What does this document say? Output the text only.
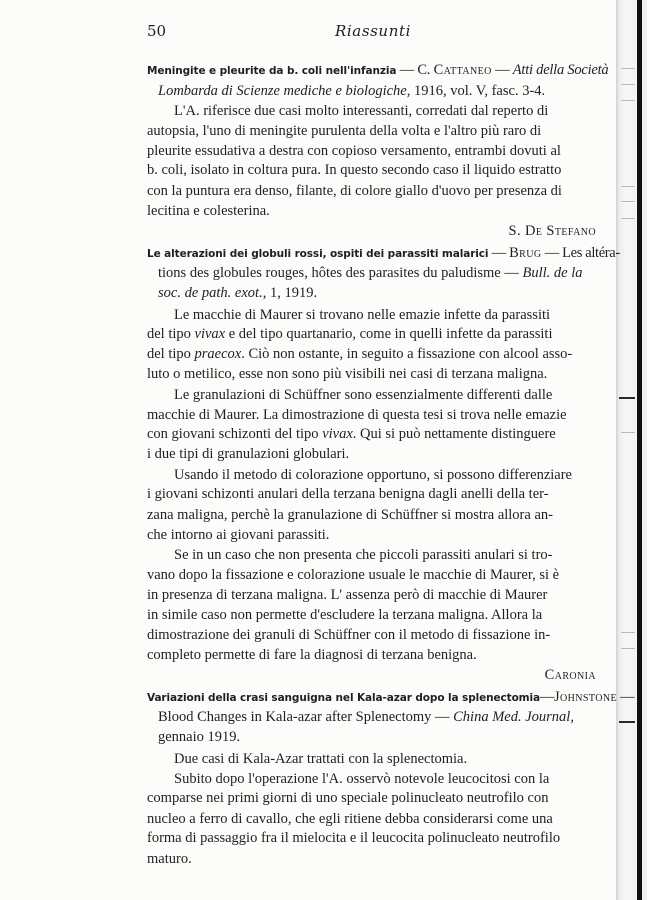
50	Riassunti
Meningite e pleurite da b. coli nell'infanzia — C. Cattaneo — Atti della Società
Lombarda di Scienze mediche e biologiche, 1916, vol. V, fasc. 3-4.
L'A. riferisce due casi molto interessanti, corredati dal reperto di
autopsia, l'uno di meningite purulenta della volta e l'altro più raro di
pleurite essudativa a destra con copioso versamento, entrambi dovuti al
b. coli, isolato in coltura pura. In questo secondo caso il liquido estratto
con la puntura era denso, filante, di colore giallo d'uovo per presenza di
lecitina e colesterina.
S. De Stefano
Le alterazioni dei globuli rossi, ospiti dei parassiti malarici — Brug — Les altéra-
tions des globules rouges, hôtes des parasites du paludisme — Bull. de la
soc. de path. exot., 1, 1919.
Le macchie di Maurer si trovano nelle emazie infette da parassiti
del tipo vivax e del tipo quartanario, come in quelli infette da parassiti
del tipo praecox. Ciò non ostante, in seguito a fissazione con alcool asso-
luto o metilico, esse non sono più visibili nei casi di terzana maligna.
Le granulazioni di Schüffner sono essenzialmente differenti dalle
macchie di Maurer. La dimostrazione di questa tesi si trova nelle emazie
con giovani schizonti del tipo vivax. Qui si può nettamente distinguere
i due tipi di granulazioni globulari.
Usando il metodo di colorazione opportuno, si possono differenziare
i giovani schizonti anulari della terzana benigna dagli anelli della ter-
zana maligna, perchè la granulazione di Schüffner si mostra allora an-
che intorno ai giovani parassiti.
Se in un caso che non presenta che piccoli parassiti anulari si tro-
vano dopo la fissazione e colorazione usuale le macchie di Maurer, si è
in presenza di terzana maligna. L' assenza però di macchie di Maurer
in simile caso non permette d'escludere la terzana maligna. Allora la
dimostrazione dei granuli di Schüffner con il metodo di fissazione in-
completo permette di fare la diagnosi di terzana benigna.
Caronia
Variazioni della crasi sanguigna nel Kala-azar dopo la splenectomia—Johnstone —
Blood Changes in Kala-azar after Splenectomy — China Med. Journal,
gennaio 1919.
Due casi di Kala-Azar trattati con la splenectomia.
Subito dopo l'operazione l'A. osservò notevole leucocitosi con la
comparse nei primi giorni di uno speciale polinucleato neutrofilo con
nucleo a ferro di cavallo, che egli ritiene debba considerarsi come una
forma di passaggio fra il mielocita e il leucocita polinucleato neutrofilo
maturo.
